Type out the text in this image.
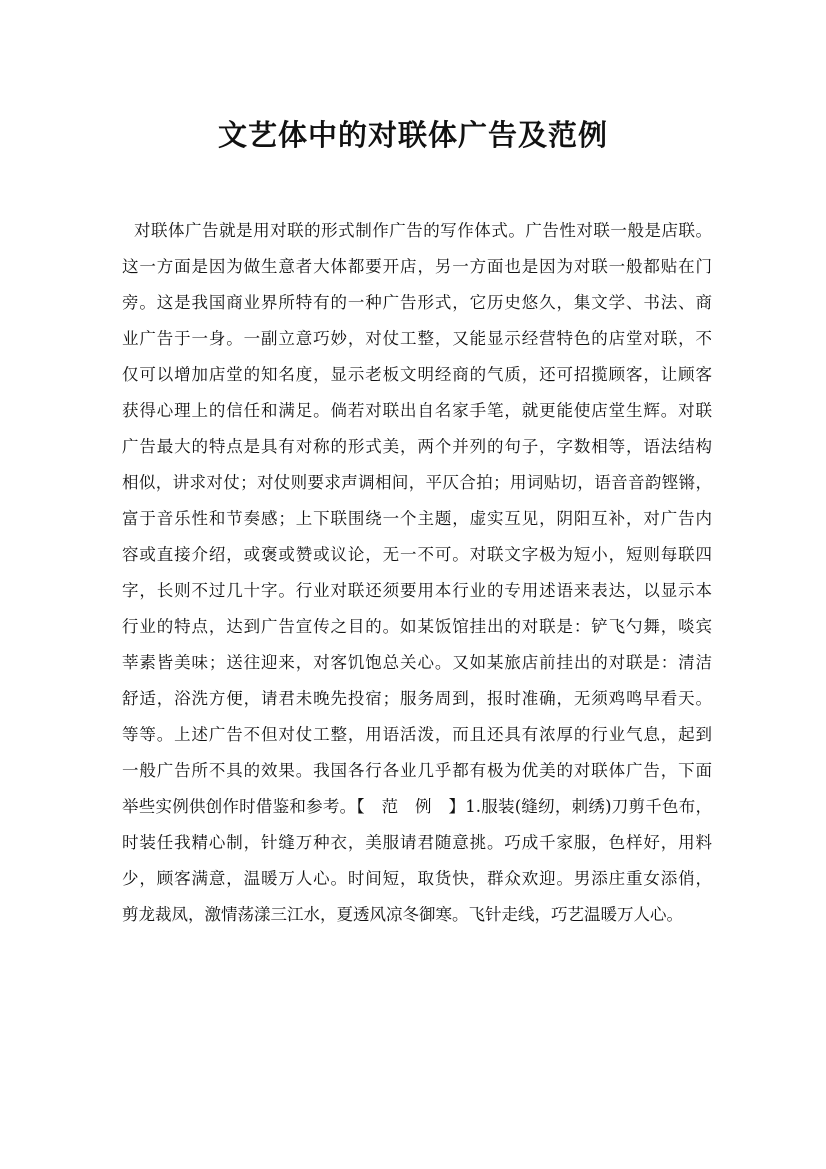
文艺体中的对联体广告及范例
对联体广告就是用对联的形式制作广告的写作体式。广告性对联一般是店联。
这一方面是因为做生意者大体都要开店，另一方面也是因为对联一般都贴在门
旁。这是我国商业界所特有的一种广告形式，它历史悠久，集文学、书法、商
业广告于一身。一副立意巧妙，对仗工整，又能显示经营特色的店堂对联，不
仅可以增加店堂的知名度，显示老板文明经商的气质，还可招揽顾客，让顾客
获得心理上的信任和满足。倘若对联出自名家手笔，就更能使店堂生辉。对联
广告最大的特点是具有对称的形式美，两个并列的句子，字数相等，语法结构
相似，讲求对仗；对仗则要求声调相间，平仄合拍；用词贴切，语音音韵铿锵，
富于音乐性和节奏感；上下联围绕一个主题，虚实互见，阴阳互补，对广告内
容或直接介绍，或褒或赞或议论，无一不可。对联文字极为短小，短则每联四
字，长则不过几十字。行业对联还须要用本行业的专用述语来表达，以显示本
行业的特点，达到广告宣传之目的。如某饭馆挂出的对联是：铲飞勺舞，啖宾
莘素皆美味；送往迎来，对客饥饱总关心。又如某旅店前挂出的对联是：清洁
舒适，浴洗方便，请君未晚先投宿；服务周到，报时准确，无须鸡鸣早看天。
等等。上述广告不但对仗工整，用语活泼，而且还具有浓厚的行业气息，起到
一般广告所不具的效果。我国各行各业几乎都有极为优美的对联体广告，下面
举些实例供创作时借鉴和参考。【　范　例　】1.服装(缝纫，刺绣)刀剪千色布，
时装任我精心制，针缝万种衣，美服请君随意挑。巧成千家服，色样好，用料
少，顾客满意，温暖万人心。时间短，取货快，群众欢迎。男添庄重女添俏，
剪龙裁凤，激情荡漾三江水，夏透风凉冬御寒。飞针走线，巧艺温暖万人心。
